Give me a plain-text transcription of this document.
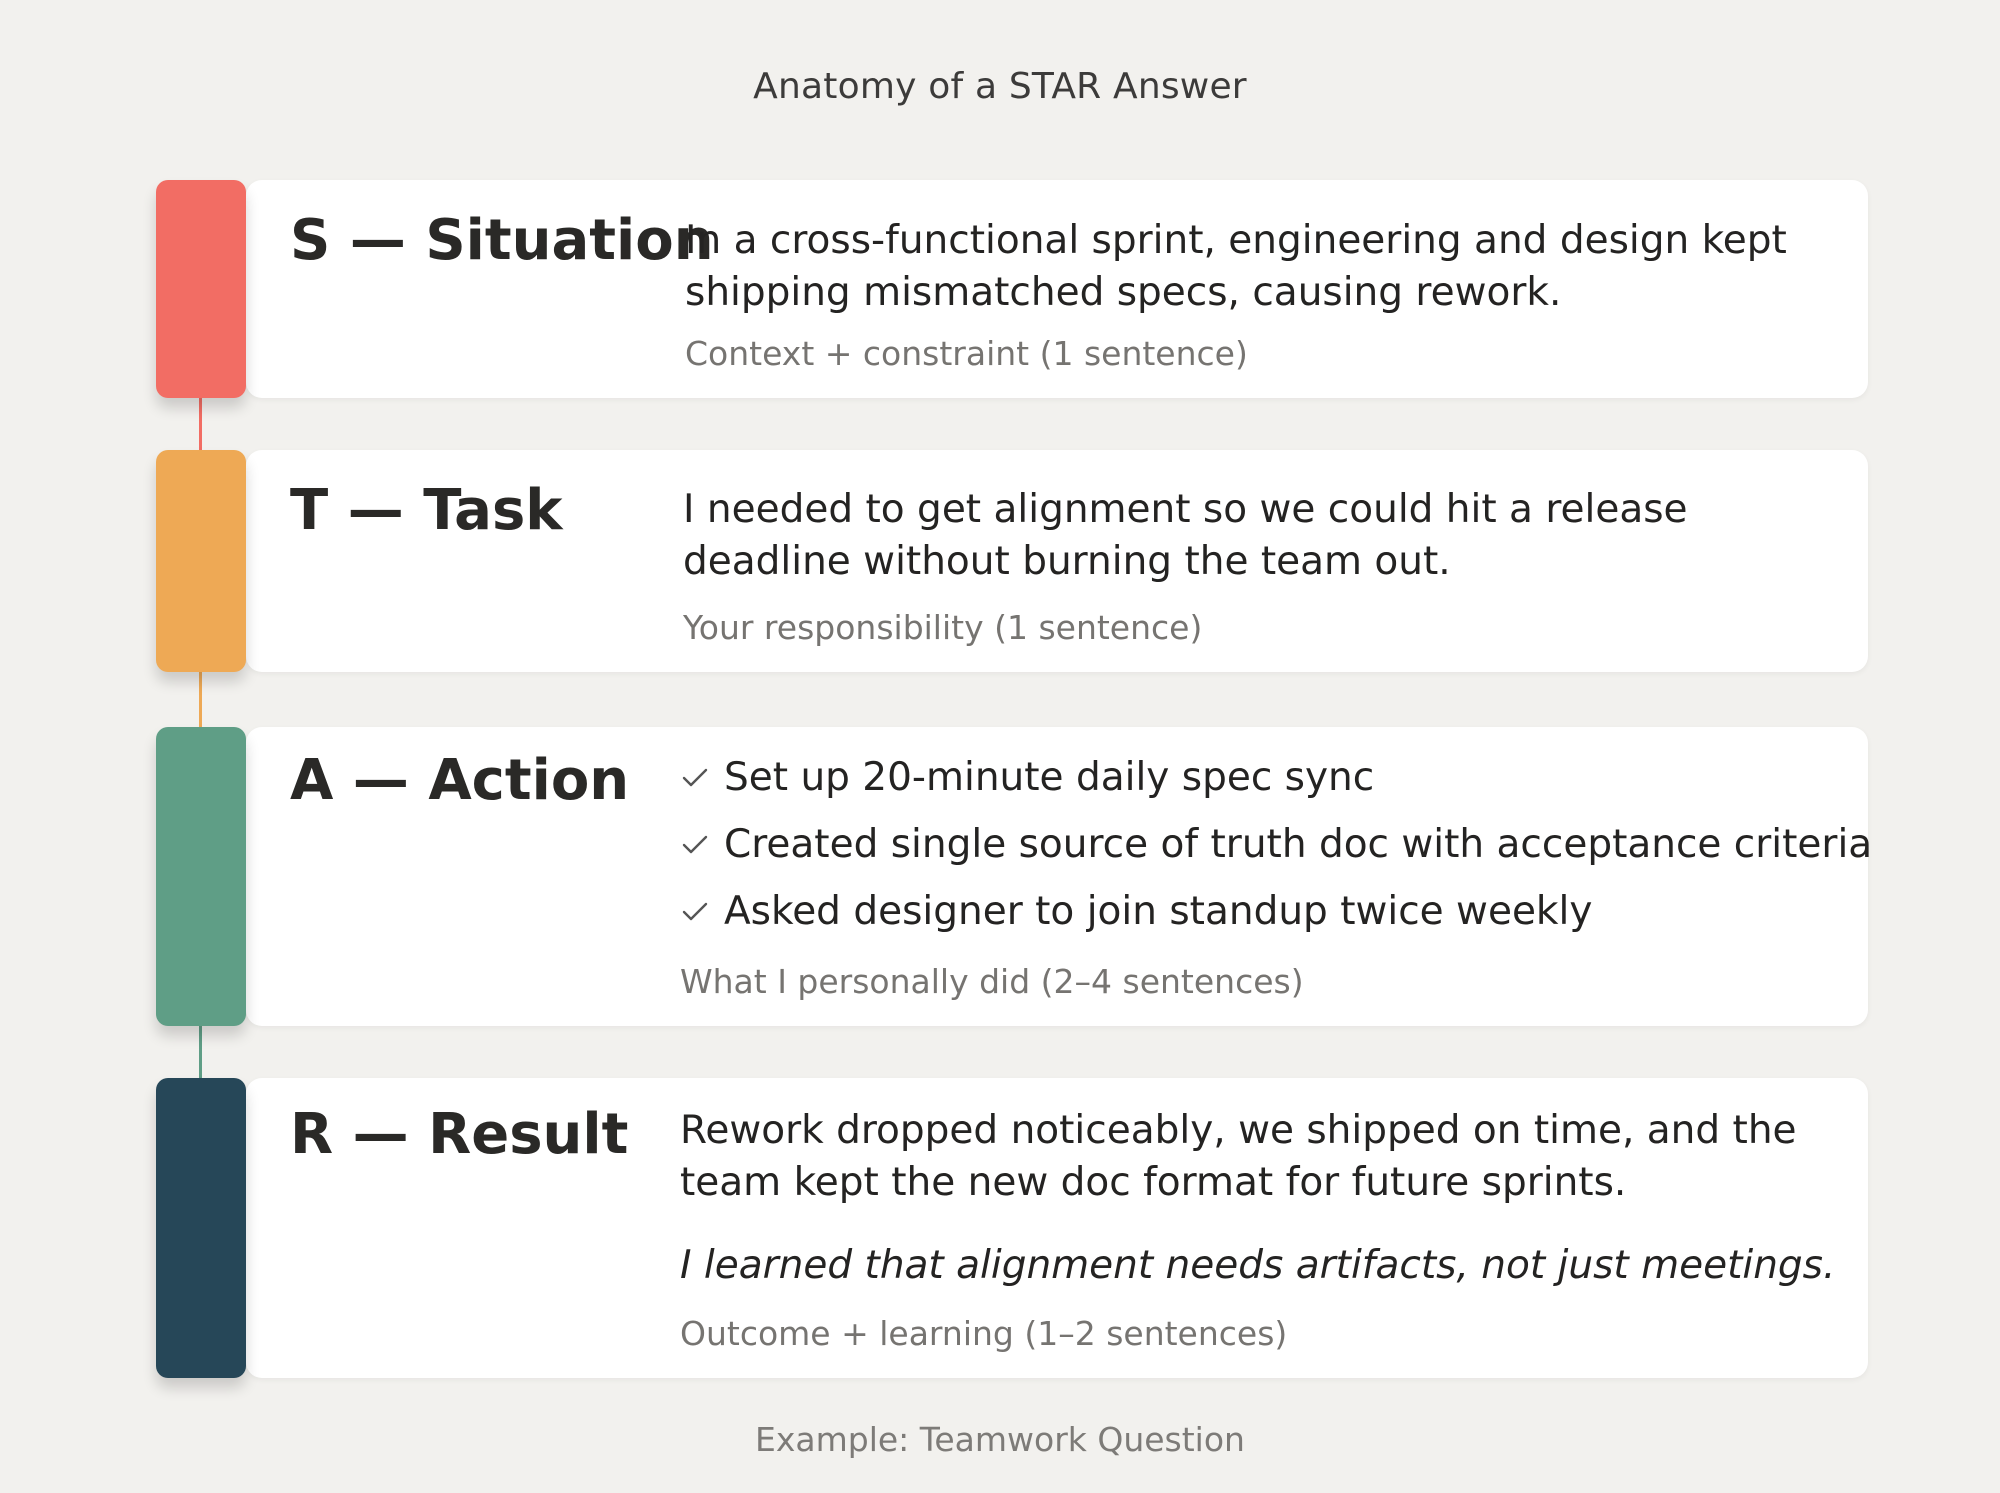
Anatomy of a STAR Answer
S — Situation
In a cross-functional sprint, engineering and design kept shipping mismatched specs, causing rework.
Context + constraint (1 sentence)
T — Task	I needed to get alignment so we could hit a release deadline without burning the team out.
Your responsibility (1 sentence)
A — Action Set up 20-minute daily spec sync
Created single source of truth doc with acceptance criteria
Asked designer to join standup twice weekly
What I personally did (2–4 sentences)
R — Result Rework dropped noticeably, we shipped on time, and the team kept the new doc format for future sprints.
I learned that alignment needs artifacts, not just meetings.
Outcome + learning (1–2 sentences)
Example: Teamwork Question
